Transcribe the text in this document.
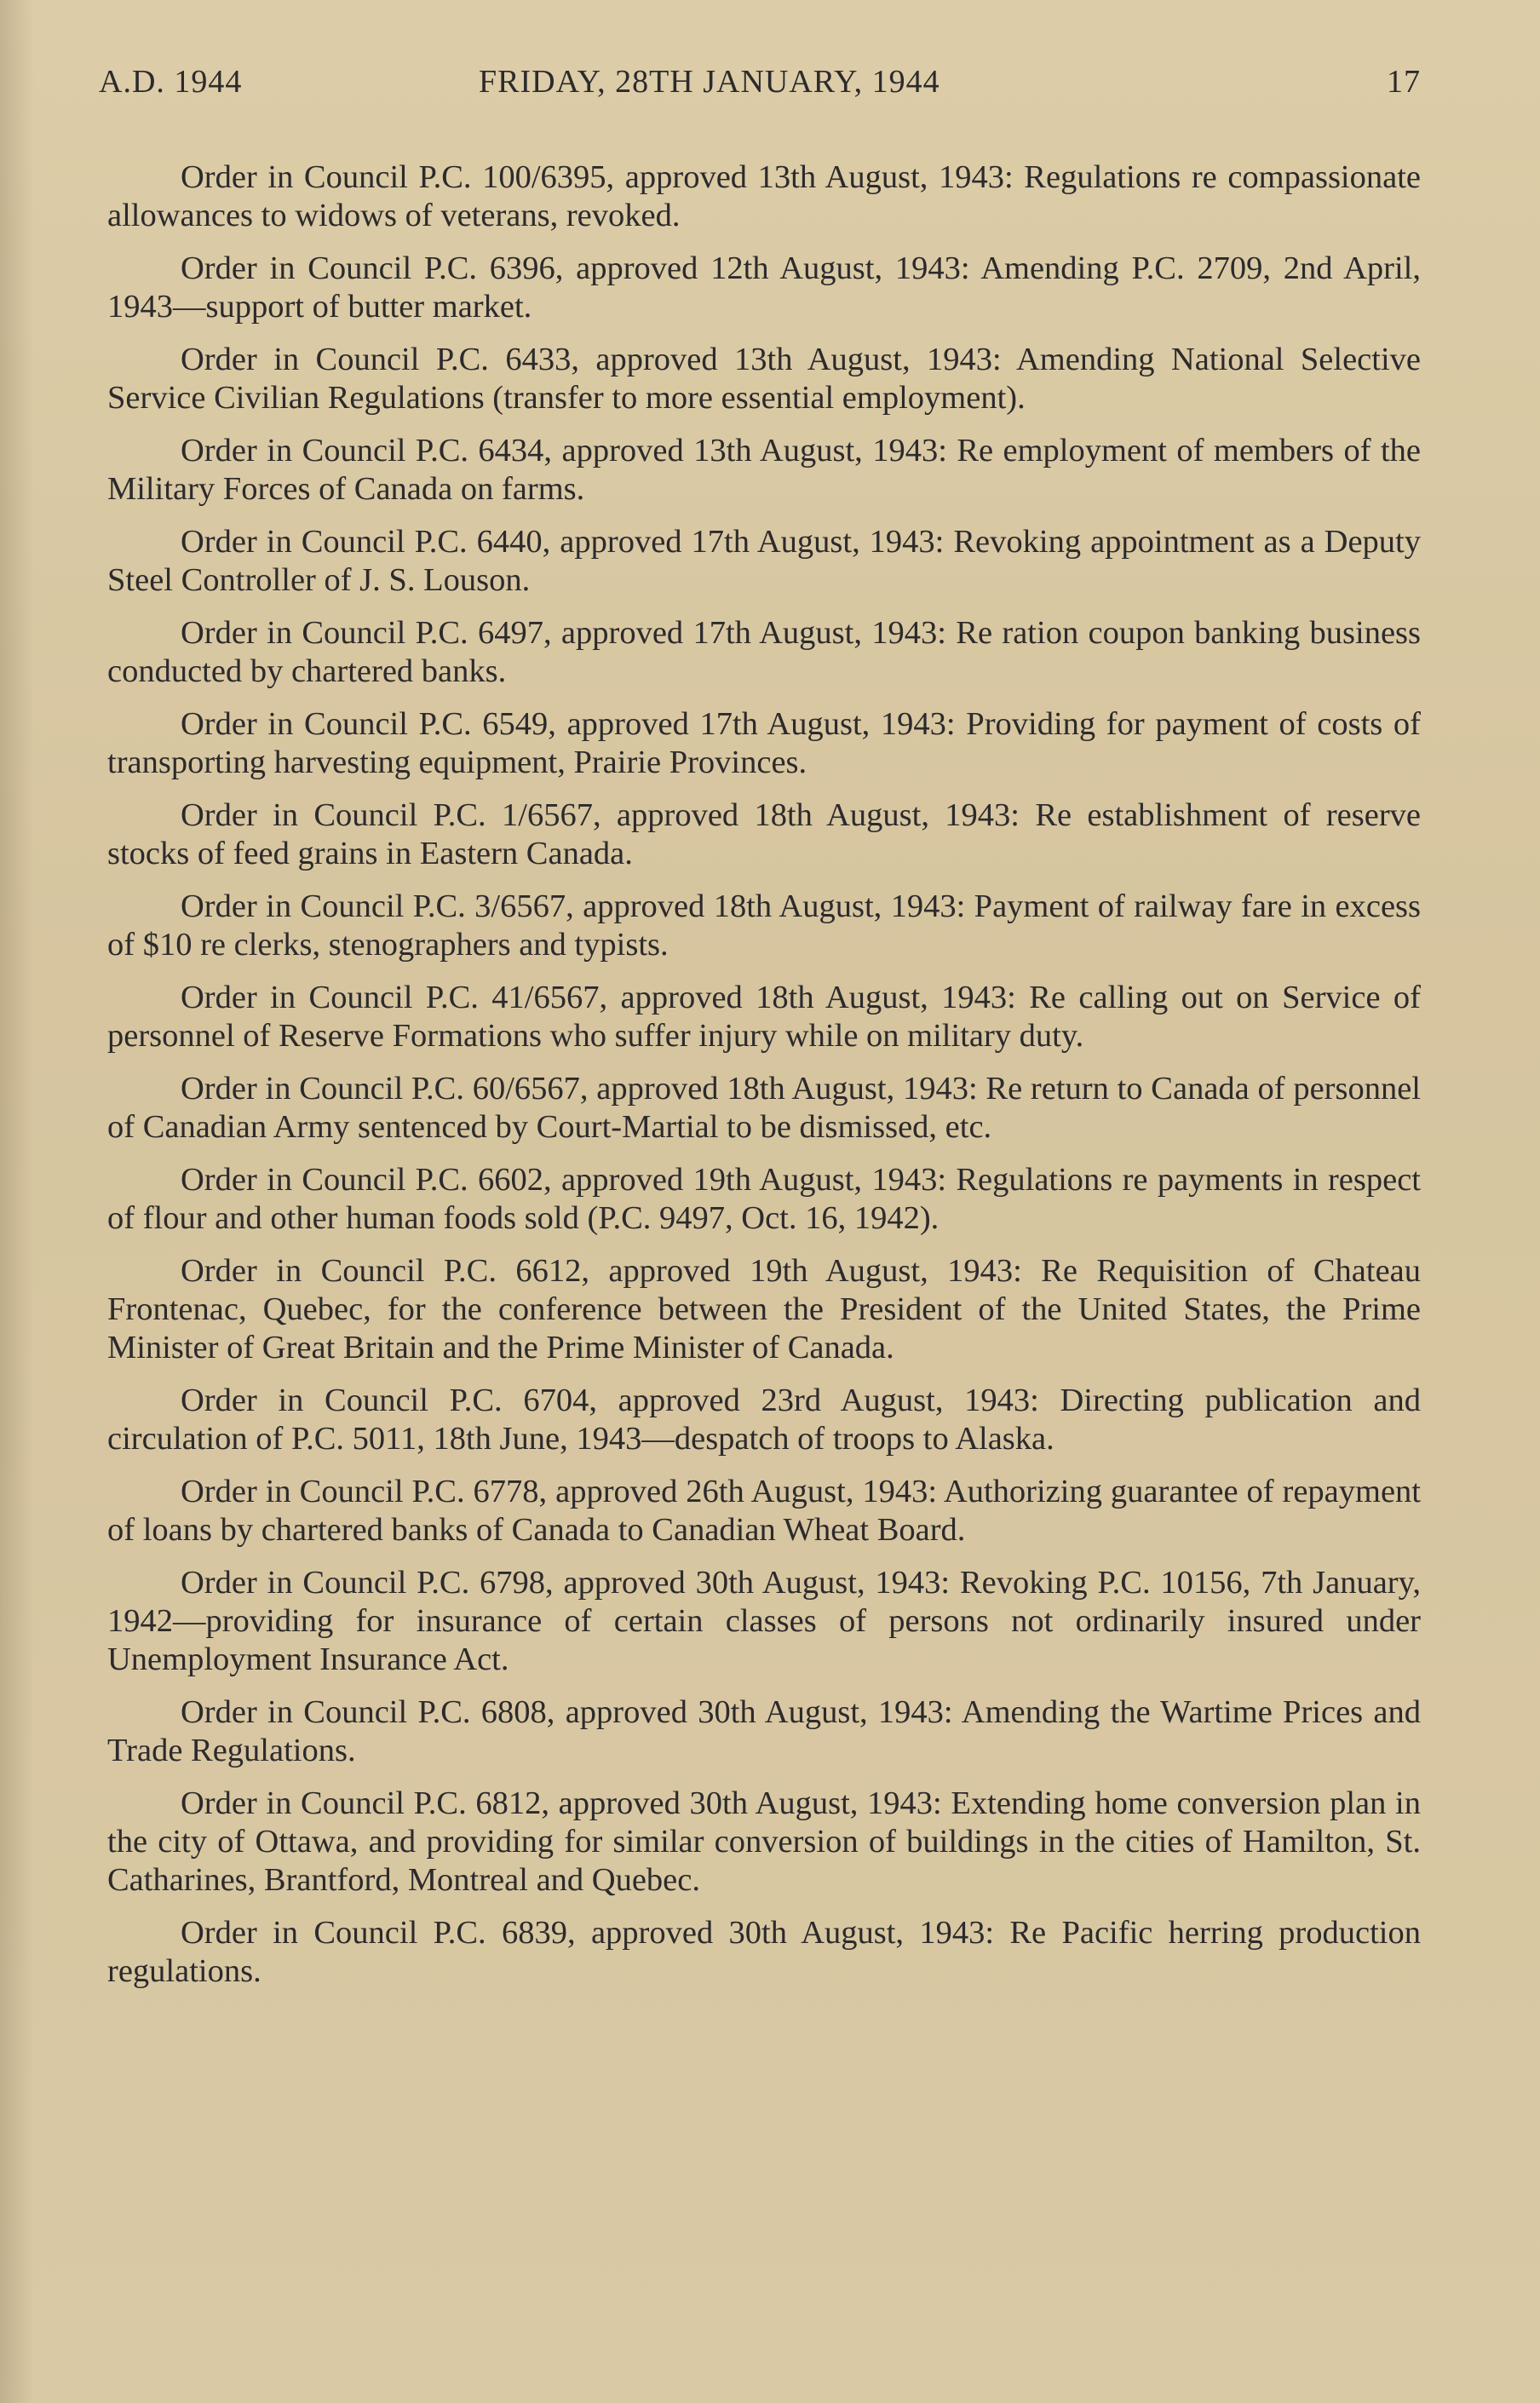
A.D. 1944	FRIDAY, 28TH JANUARY, 1944	17

Order in Council P.C. 100/6395, approved 13th August, 1943: Regulations re compassionate allowances to widows of veterans, revoked.

Order in Council P.C. 6396, approved 12th August, 1943: Amending P.C. 2709, 2nd April, 1943—support of butter market.

Order in Council P.C. 6433, approved 13th August, 1943: Amending National Selective Service Civilian Regulations (transfer to more essential employment).

Order in Council P.C. 6434, approved 13th August, 1943: Re employment of members of the Military Forces of Canada on farms.

Order in Council P.C. 6440, approved 17th August, 1943: Revoking appointment as a Deputy Steel Controller of J. S. Louson.

Order in Council P.C. 6497, approved 17th August, 1943: Re ration coupon banking business conducted by chartered banks.

Order in Council P.C. 6549, approved 17th August, 1943: Providing for payment of costs of transporting harvesting equipment, Prairie Provinces.

Order in Council P.C. 1/6567, approved 18th August, 1943: Re establishment of reserve stocks of feed grains in Eastern Canada.

Order in Council P.C. 3/6567, approved 18th August, 1943: Payment of railway fare in excess of $10 re clerks, stenographers and typists.

Order in Council P.C. 41/6567, approved 18th August, 1943: Re calling out on Service of personnel of Reserve Formations who suffer injury while on military duty.

Order in Council P.C. 60/6567, approved 18th August, 1943: Re return to Canada of personnel of Canadian Army sentenced by Court-Martial to be dismissed, etc.

Order in Council P.C. 6602, approved 19th August, 1943: Regulations re payments in respect of flour and other human foods sold (P.C. 9497, Oct. 16, 1942).

Order in Council P.C. 6612, approved 19th August, 1943: Re Requisition of Chateau Frontenac, Quebec, for the conference between the President of the United States, the Prime Minister of Great Britain and the Prime Minister of Canada.

Order in Council P.C. 6704, approved 23rd August, 1943: Directing publication and circulation of P.C. 5011, 18th June, 1943—despatch of troops to Alaska.

Order in Council P.C. 6778, approved 26th August, 1943: Authorizing guarantee of repayment of loans by chartered banks of Canada to Canadian Wheat Board.

Order in Council P.C. 6798, approved 30th August, 1943: Revoking P.C. 10156, 7th January, 1942—providing for insurance of certain classes of persons not ordinarily insured under Unemployment Insurance Act.

Order in Council P.C. 6808, approved 30th August, 1943: Amending the Wartime Prices and Trade Regulations.

Order in Council P.C. 6812, approved 30th August, 1943: Extending home conversion plan in the city of Ottawa, and providing for similar conversion of buildings in the cities of Hamilton, St. Catharines, Brantford, Montreal and Quebec.

Order in Council P.C. 6839, approved 30th August, 1943: Re Pacific herring production regulations.
